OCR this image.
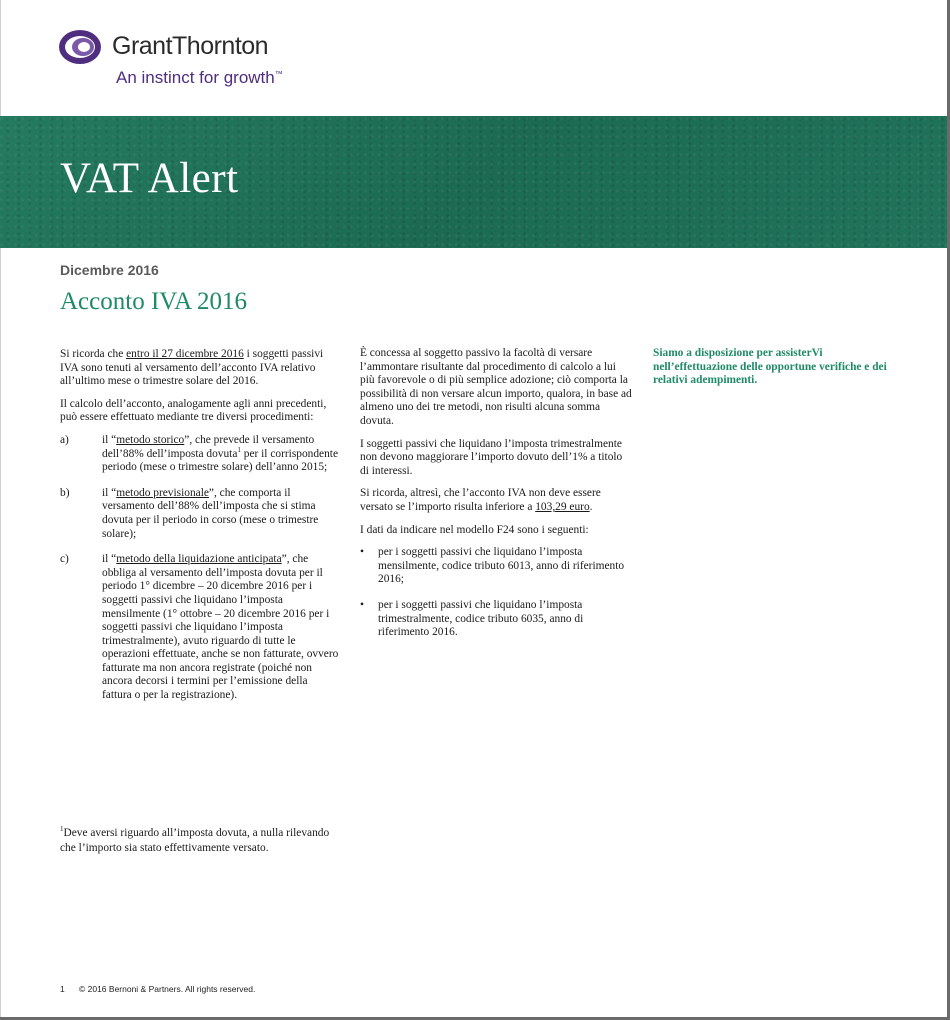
GrantThornton
An instinct for growth™
VAT Alert
Dicembre 2016
Acconto IVA 2016

Si ricorda che entro il 27 dicembre 2016 i soggetti passivi IVA sono tenuti al versamento dell’acconto IVA relativo all’ultimo mese o trimestre solare del 2016.

Il calcolo dell’acconto, analogamente agli anni precedenti, può essere effettuato mediante tre diversi procedimenti:

a)	il “metodo storico”, che prevede il versamento dell’88% dell’imposta dovuta$^1$ per il corrispondente periodo (mese o trimestre solare) dell’anno 2015;
b)	il “metodo previsionale”, che comporta il versamento dell’88% dell’imposta che si stima dovuta per il periodo in corso (mese o trimestre solare);
c)	il “metodo della liquidazione anticipata”, che obbliga al versamento dell’imposta dovuta per il periodo 1° dicembre – 20 dicembre 2016 per i soggetti passivi che liquidano l’imposta mensilmente (1° ottobre – 20 dicembre 2016 per i soggetti passivi che liquidano l’imposta trimestralmente), avuto riguardo di tutte le operazioni effettuate, anche se non fatturate, ovvero fatturate ma non ancora registrate (poiché non ancora decorsi i termini per l’emissione della fattura o per la registrazione).
$^1$Deve aversi riguardo all’imposta dovuta, a nulla rilevando che l’importo sia stato effettivamente versato.

È concessa al soggetto passivo la facoltà di versare l’ammontare risultante dal procedimento di calcolo a lui più favorevole o di più semplice adozione; ciò comporta la possibilità di non versare alcun importo, qualora, in base ad almeno uno dei tre metodi, non risulti alcuna somma dovuta.

I soggetti passivi che liquidano l’imposta trimestralmente non devono maggiorare l’importo dovuto dell’1% a titolo di interessi.

Si ricorda, altresì, che l’acconto IVA non deve essere versato se l’importo risulta inferiore a 103,29 euro.

I dati da indicare nel modello F24 sono i seguenti:

• per i soggetti passivi che liquidano l’imposta mensilmente, codice tributo 6013, anno di riferimento 2016;
• per i soggetti passivi che liquidano l’imposta trimestralmente, codice tributo 6035, anno di riferimento 2016.
Siamo a disposizione per assisterVi nell’effettuazione delle opportune verifiche e dei relativi adempimenti.
1 © 2016 Bernoni & Partners. All rights reserved.
